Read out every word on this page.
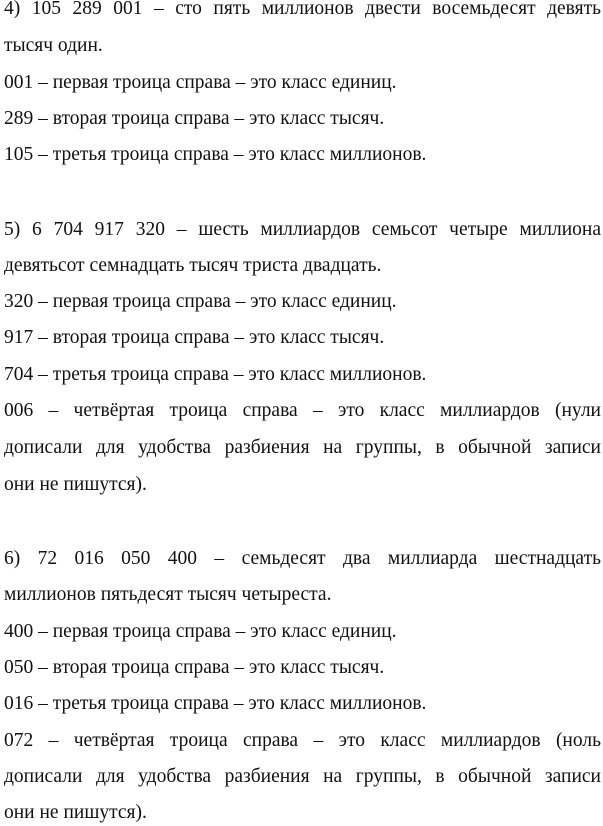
4) 105 289 001 – сто пять миллионов двести восемьдесят девять
тысяч один.
001 – первая троица справа – это класс единиц.
289 – вторая троица справа – это класс тысяч.
105 – третья троица справа – это класс миллионов.
5) 6 704 917 320 – шесть миллиардов семьсот четыре миллиона
девятьсот семнадцать тысяч триста двадцать.
320 – первая троица справа – это класс единиц.
917 – вторая троица справа – это класс тысяч.
704 – третья троица справа – это класс миллионов.
006 – четвёртая троица справа – это класс миллиардов (нули
дописали для удобства разбиения на группы, в обычной записи
они не пишутся).
6) 72 016 050 400 – семьдесят два миллиарда шестнадцать
миллионов пятьдесят тысяч четыреста.
400 – первая троица справа – это класс единиц.
050 – вторая троица справа – это класс тысяч.
016 – третья троица справа – это класс миллионов.
072 – четвёртая троица справа – это класс миллиардов (ноль
дописали для удобства разбиения на группы, в обычной записи
они не пишутся).
